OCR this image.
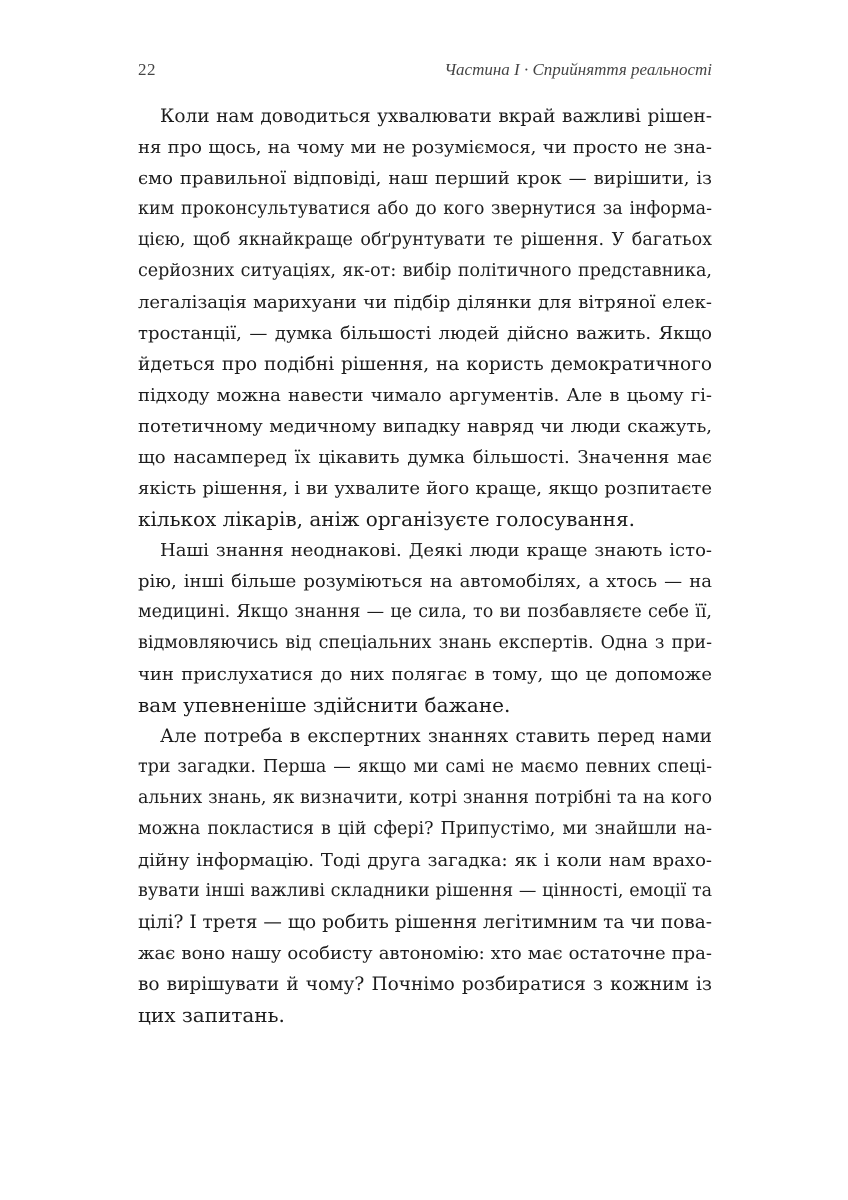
22	Частина I · Сприйняття реальності

Коли нам доводиться ухвалювати вкрай важливі рішен-
ня про щось, на чому ми не розуміємося, чи просто не зна-
ємо правильної відповіді, наш перший крок — вирішити, із
ким проконсультуватися або до кого звернутися за інформа-
цією, щоб якнайкраще обґрунтувати те рішення. У багатьох
серйозних ситуаціях, як-от: вибір політичного представника,
легалізація марихуани чи підбір ділянки для вітряної елек-
тростанції, — думка більшості людей дійсно важить. Якщо
йдеться про подібні рішення, на користь демократичного
підходу можна навести чимало аргументів. Але в цьому гі-
потетичному медичному випадку навряд чи люди скажуть,
що насамперед їх цікавить думка більшості. Значення має
якість рішення, і ви ухвалите його краще, якщо розпитаєте
кількох лікарів, аніж організуєте голосування.

Наші знання неоднакові. Деякі люди краще знають істо-
рію, інші більше розуміються на автомобілях, а хтось — на
медицині. Якщо знання — це сила, то ви позбавляєте себе її,
відмовляючись від спеціальних знань експертів. Одна з при-
чин прислухатися до них полягає в тому, що це допоможе
вам упевненіше здійснити бажане.

Але потреба в експертних знаннях ставить перед нами
три загадки. Перша — якщо ми самі не маємо певних спеці-
альних знань, як визначити, котрі знання потрібні та на кого
можна покластися в цій сфері? Припустімо, ми знайшли на-
дійну інформацію. Тоді друга загадка: як і коли нам врахо-
вувати інші важливі складники рішення — цінності, емоції та
цілі? І третя — що робить рішення легітимним та чи пова-
жає воно нашу особисту автономію: хто має остаточне пра-
во вирішувати й чому? Почнімо розбиратися з кожним із
цих запитань.
